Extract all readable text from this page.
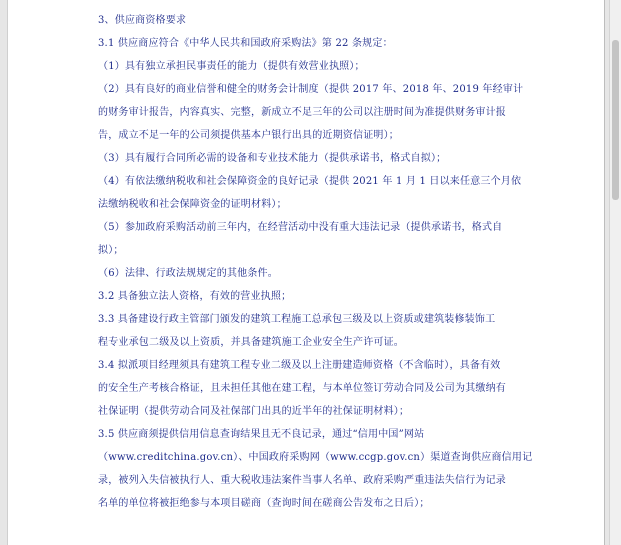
3、供应商资格要求
3.1 供应商应符合《中华人民共和国政府采购法》第 22 条规定：
（1）具有独立承担民事责任的能力（提供有效营业执照）；
（2）具有良好的商业信誉和健全的财务会计制度（提供 2017 年、2018 年、2019 年经审计
的财务审计报告，内容真实、完整，新成立不足三年的公司以注册时间为准提供财务审计报
告，成立不足一年的公司须提供基本户银行出具的近期资信证明）；
（3）具有履行合同所必需的设备和专业技术能力（提供承诺书，格式自拟）；
（4）有依法缴纳税收和社会保障资金的良好记录（提供 2021 年 1 月 1 日以来任意三个月依
法缴纳税收和社会保障资金的证明材料）；
（5）参加政府采购活动前三年内，在经营活动中没有重大违法记录（提供承诺书，格式自
拟）；
（6）法律、行政法规规定的其他条件。
3.2 具备独立法人资格，有效的营业执照；
3.3 具备建设行政主管部门颁发的建筑工程施工总承包三级及以上资质或建筑装修装饰工
程专业承包二级及以上资质，并具备建筑施工企业安全生产许可证。
3.4 拟派项目经理须具有建筑工程专业二级及以上注册建造师资格（不含临时），具备有效
的安全生产考核合格证，且未担任其他在建工程，与本单位签订劳动合同及公司为其缴纳有
社保证明（提供劳动合同及社保部门出具的近半年的社保证明材料）；
3.5 供应商须提供信用信息查询结果且无不良记录，通过“信用中国”网站
（www.creditchina.gov.cn）、中国政府采购网（www.ccgp.gov.cn）渠道查询供应商信用记
录，被列入失信被执行人、重大税收违法案件当事人名单、政府采购严重违法失信行为记录
名单的单位将被拒绝参与本项目磋商（查询时间在磋商公告发布之日后）；
